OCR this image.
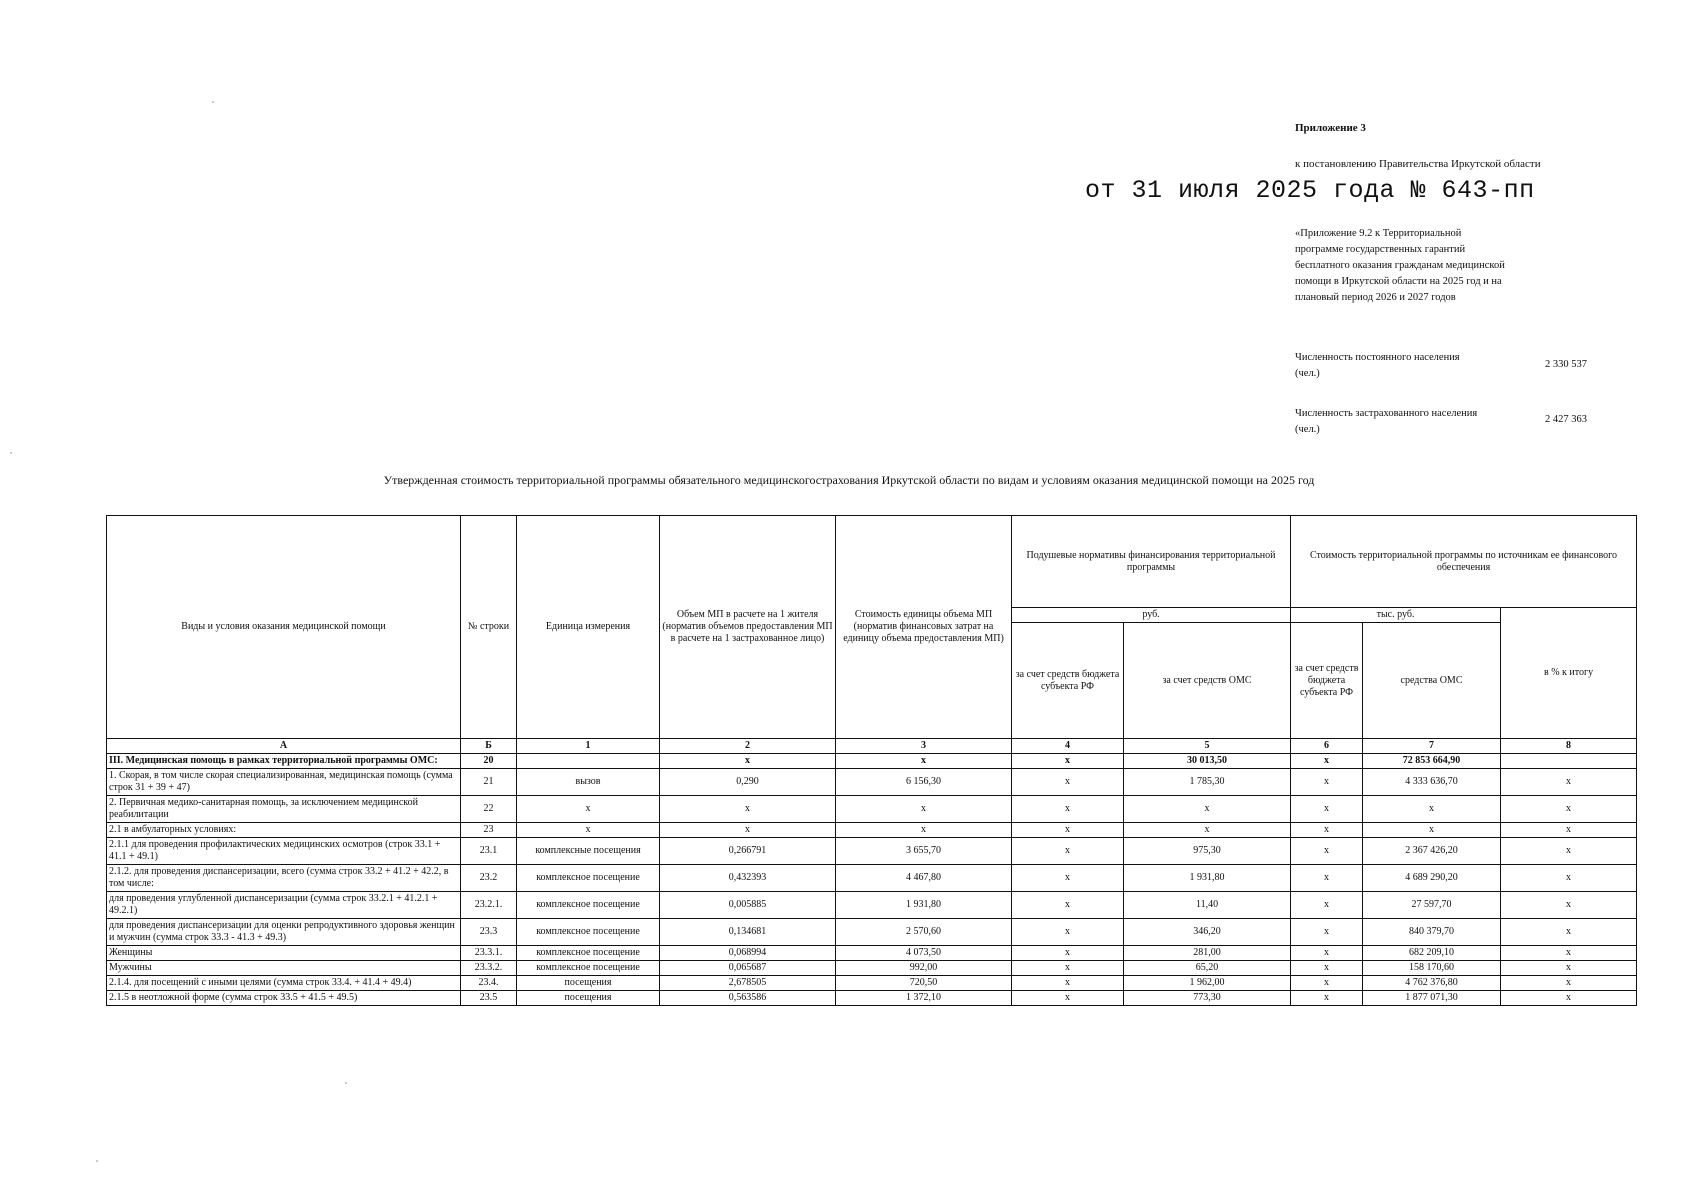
Приложение 3
к постановлению Правительства Иркутской области
от 31 июля 2025 года № 643-пп
«Приложение 9.2 к Территориальной программе государственных гарантий бесплатного оказания гражданам медицинской помощи в Иркутской области на 2025 год и на плановый период 2026 и 2027 годов
Численность постоянного населения (чел.)
2 330 537
Численность застрахованного населения (чел.)
2 427 363
Утвержденная стоимость территориальной программы обязательного медицинскогострахования Иркутской области по видам и условиям оказания медицинской помощи на 2025 год
Виды и условия оказания медицинской помощи	№ строки	Единица измерения	Объем МП в расчете на 1 жителя (норматив объемов предоставления МП в расчете на 1 застрахованное лицо)	Стоимость единицы объема МП (норматив финансовых затрат на единицу объема предоставления МП)	Подушевые нормативы финансирования территориальной программы		Стоимость территориальной программы по источникам ее финансового обеспечения		
					руб.		тыс. руб.		в % к итогу
					за счет средств бюджета субъекта РФ	за счет средств ОМС	за счет средств бюджета субъекта РФ	средства ОМС	
А	Б	1	2	3	4	5	6	7	8
III. Медицинская помощь в рамках территориальной программы ОМС:	20		х	х	х	30 013,50	х	72 853 664,90	
1. Скорая, в том числе скорая специализированная, медицинская помощь (сумма строк 31 + 39 + 47)	21	вызов	0,290	6 156,30	х	1 785,30	х	4 333 636,70	х
2. Первичная медико-санитарная помощь, за исключением медицинской реабилитации	22	х	х	х	х	х	х	х	х
2.1 в амбулаторных условиях:	23	х	х	х	х	х	х	х	х
2.1.1 для проведения профилактических медицинских осмотров (строк 33.1 + 41.1 + 49.1)	23.1	комплексные посещения	0,266791	3 655,70	х	975,30	х	2 367 426,20	х
2.1.2. для проведения диспансеризации, всего (сумма строк 33.2 + 41.2 + 42.2, в том числе:	23.2	комплексное посещение	0,432393	4 467,80	х	1 931,80	х	4 689 290,20	х
для проведения углубленной диспансеризации (сумма строк 33.2.1 + 41.2.1 + 49.2.1)	23.2.1.	комплексное посещение	0,005885	1 931,80	х	11,40	х	27 597,70	х
для проведения диспансеризации для оценки репродуктивного здоровья женщин и мужчин (сумма строк 33.3 - 41.3 + 49.3)	23.3	комплексное посещение	0,134681	2 570,60	х	346,20	х	840 379,70	х
Женщины	23.3.1.	комплексное посещение	0,068994	4 073,50	х	281,00	х	682 209,10	х
Мужчины	23.3.2.	комплексное посещение	0,065687	992,00	х	65,20	х	158 170,60	х
2.1.4. для посещений с иными целями (сумма строк 33.4. + 41.4 + 49.4)	23.4.	посещения	2,678505	720,50	х	1 962,00	х	4 762 376,80	х
2.1.5 в неотложной форме (сумма строк 33.5 + 41.5 + 49.5)	23.5	посещения	0,563586	1 372,10	х	773,30	х	1 877 071,30	х
